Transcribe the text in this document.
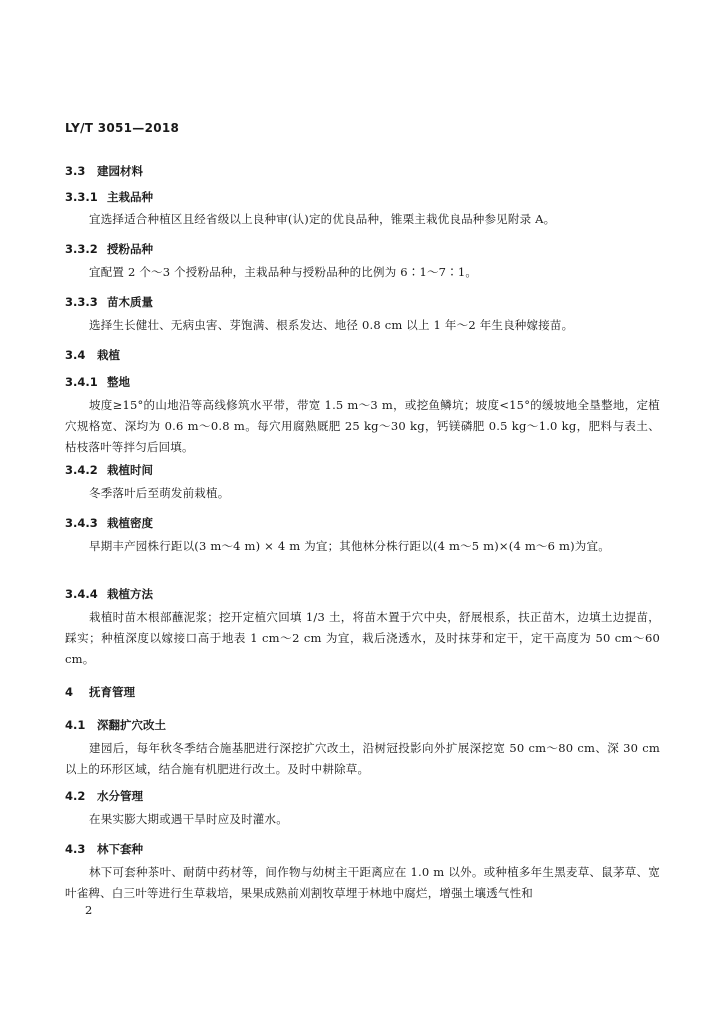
LY/T 3051—2018
3.3 建园材料
3.3.1 主栽品种
宜选择适合种植区且经省级以上良种审(认)定的优良品种，锥栗主栽优良品种参见附录 A。
3.3.2 授粉品种
宜配置 2 个～3 个授粉品种，主栽品种与授粉品种的比例为 6∶1～7∶1。
3.3.3 苗木质量
选择生长健壮、无病虫害、芽饱满、根系发达、地径 0.8 cm 以上 1 年～2 年生良种嫁接苗。
3.4 栽植
3.4.1 整地
坡度≥15°的山地沿等高线修筑水平带，带宽 1.5 m～3 m，或挖鱼鳞坑；坡度<15°的缓坡地全垦整地，定植穴规格宽、深均为 0.6 m～0.8 m。每穴用腐熟厩肥 25 kg～30 kg，钙镁磷肥 0.5 kg～1.0 kg，肥料与表土、枯枝落叶等拌匀后回填。
3.4.2 栽植时间
冬季落叶后至萌发前栽植。
3.4.3 栽植密度
早期丰产园株行距以(3 m～4 m) × 4 m 为宜；其他林分株行距以(4 m～5 m)×(4 m～6 m)为宜。
3.4.4 栽植方法
栽植时苗木根部蘸泥浆；挖开定植穴回填 1/3 土，将苗木置于穴中央，舒展根系，扶正苗木，边填土边提苗，踩实；种植深度以嫁接口高于地表 1 cm～2 cm 为宜，栽后浇透水，及时抹芽和定干，定干高度为 50 cm～60 cm。
4 抚育管理
4.1 深翻扩穴改土
建园后，每年秋冬季结合施基肥进行深挖扩穴改土，沿树冠投影向外扩展深挖宽 50 cm～80 cm、深 30 cm 以上的环形区域，结合施有机肥进行改土。及时中耕除草。
4.2 水分管理
在果实膨大期或遇干旱时应及时灌水。
4.3 林下套种
林下可套种茶叶、耐荫中药材等，间作物与幼树主干距离应在 1.0 m 以外。或种植多年生黑麦草、鼠茅草、宽叶雀稗、白三叶等进行生草栽培，果果成熟前刈割牧草埋于林地中腐烂，增强土壤透气性和
2
